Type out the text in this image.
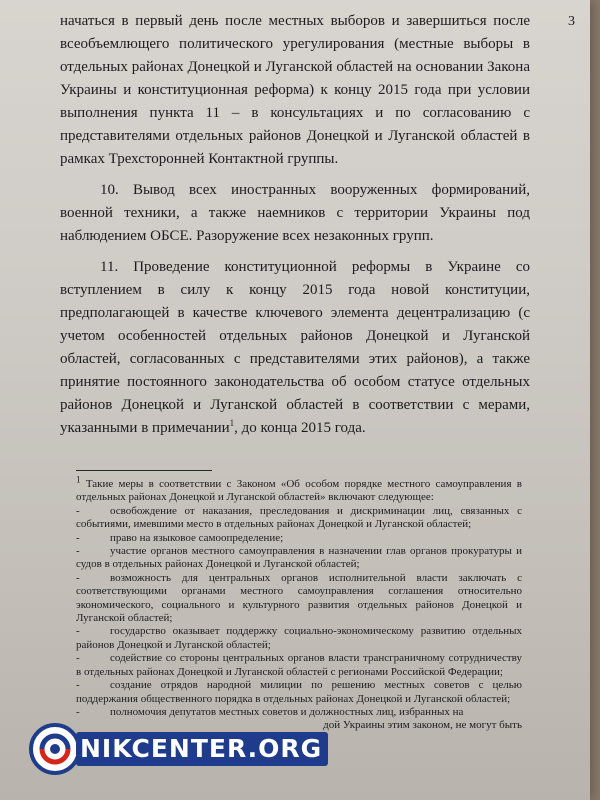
3

начаться в первый день после местных выборов и завершиться после всеобъемлющего политического урегулирования (местные выборы в отдельных районах Донецкой и Луганской областей на основании Закона Украины и конституционная реформа) к концу 2015 года при условии выполнения пункта 11 – в консультациях и по согласованию с представителями отдельных районов Донецкой и Луганской областей в рамках Трехсторонней Контактной группы.

10. Вывод всех иностранных вооруженных формирований, военной техники, а также наемников с территории Украины под наблюдением ОБСЕ. Разоружение всех незаконных групп.

11. Проведение конституционной реформы в Украине со вступлением в силу к концу 2015 года новой конституции, предполагающей в качестве ключевого элемента децентрализацию (с учетом особенностей отдельных районов Донецкой и Луганской областей, согласованных с представителями этих районов), а также принятие постоянного законодательства об особом статусе отдельных районов Донецкой и Луганской областей в соответствии с мерами, указанными в примечании$^1$, до конца 2015 года.

$^1$ Такие меры в соответствии с Законом «Об особом порядке местного самоуправления в отдельных районах Донецкой и Луганской областей» включают следующее:

-	освобождение от наказания, преследования и дискриминации лиц, связанных с событиями, имевшими место в отдельных районах Донецкой и Луганской областей;

-	право на языковое самоопределение;

-	участие органов местного самоуправления в назначении глав органов прокуратуры и судов в отдельных районах Донецкой и Луганской областей;

-	возможность для центральных органов исполнительной власти заключать с соответствующими органами местного самоуправления соглашения относительно экономического, социального и культурного развития отдельных районов Донецкой и Луганской областей;

-	государство оказывает поддержку социально-экономическому развитию отдельных районов Донецкой и Луганской областей;

-	содействие со стороны центральных органов власти трансграничному сотрудничеству в отдельных районах Донецкой и Луганской областей с регионами Российской Федерации;

-	создание отрядов народной милиции по решению местных советов с целью поддержания общественного порядка в отдельных районах Донецкой и Луганской областей;

-	полномочия депутатов местных советов и должностных лиц, избранных на

дой Украины этим законом, не могут быть

NIKCENTER.ORG
